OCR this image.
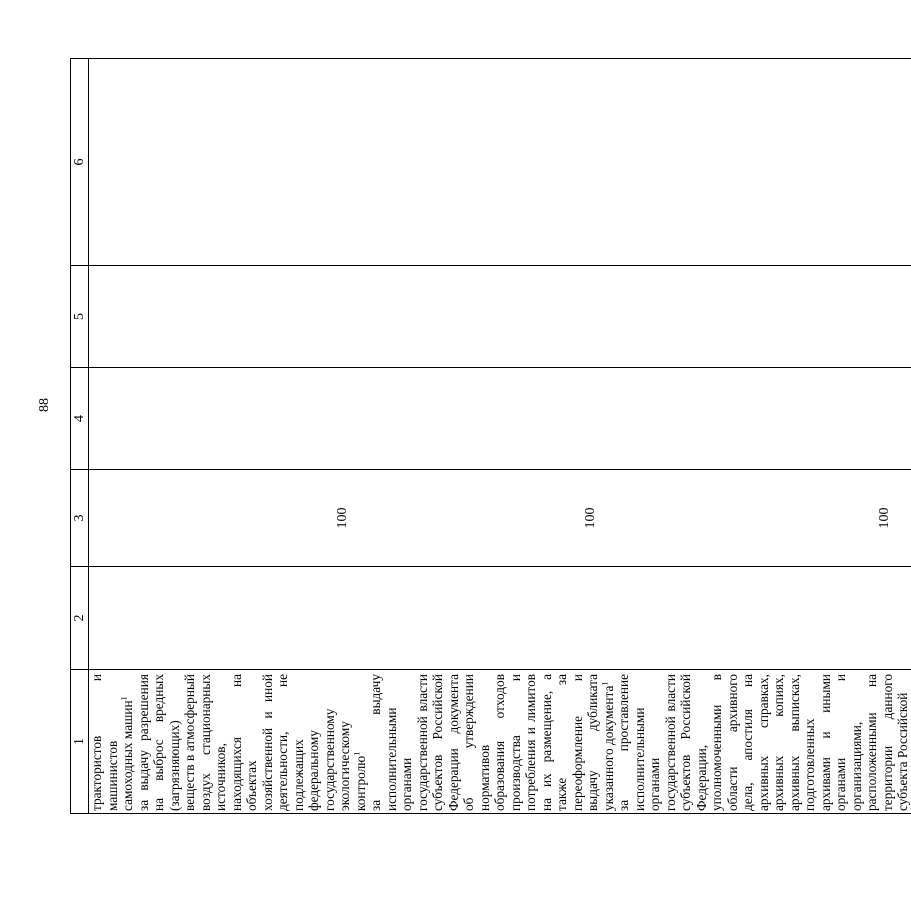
88
1	2	3	4	5	6
трактористов и машинистов самоходных машин$^1$					
за выдачу разрешения на выброс вредных (загрязняющих) веществ в атмосферный воздух стационарных источников, находящихся на объектах хозяйственной и иной деятельности, не подлежащих федеральному государственному экологическому контролю$^1$		100			
за выдачу исполнительными органами государственной власти субъектов Российской Федерации документа об утверждении нормативов образования отходов производства и потребления и лимитов на их размещение, а также за переоформление и выдачу дубликата указанного документа$^1$		100			
за проставление исполнительными органами государственной власти субъектов Российской Федерации, уполномоченными в области архивного дела, апостиля на архивных справках, архивных копиях, архивных выписках, подготовленных архивами и иными органами и организациями, расположенными на территории данного субъекта Российской		100			
